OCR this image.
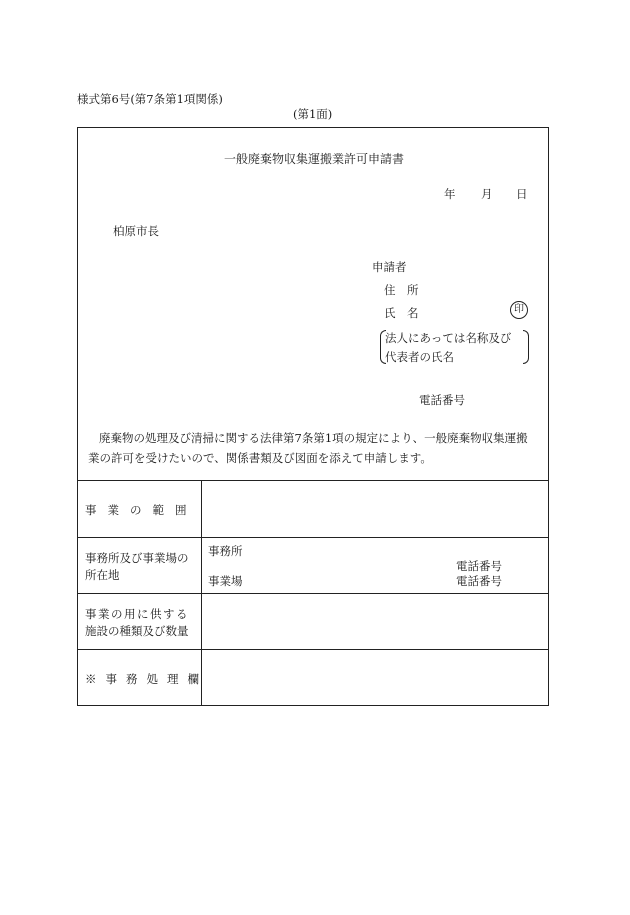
様式第6号(第7条第1項関係)
(第1面)
一般廃棄物収集運搬業許可申請書
年 月 日
柏原市長
申請者
住　所
氏　名	印
法人にあっては名称及び
代表者の氏名
電話番号
廃棄物の処理及び清掃に関する法律第7条第1項の規定により、一般廃棄物収集運搬
業の許可を受けたいので、関係書類及び図面を添えて申請します。
事業の範囲
事務所及び事業場の
所在地
事務所
事業場
電話番号
電話番号
事業の用に供する
施設の種類及び数量
※事務処理欄
